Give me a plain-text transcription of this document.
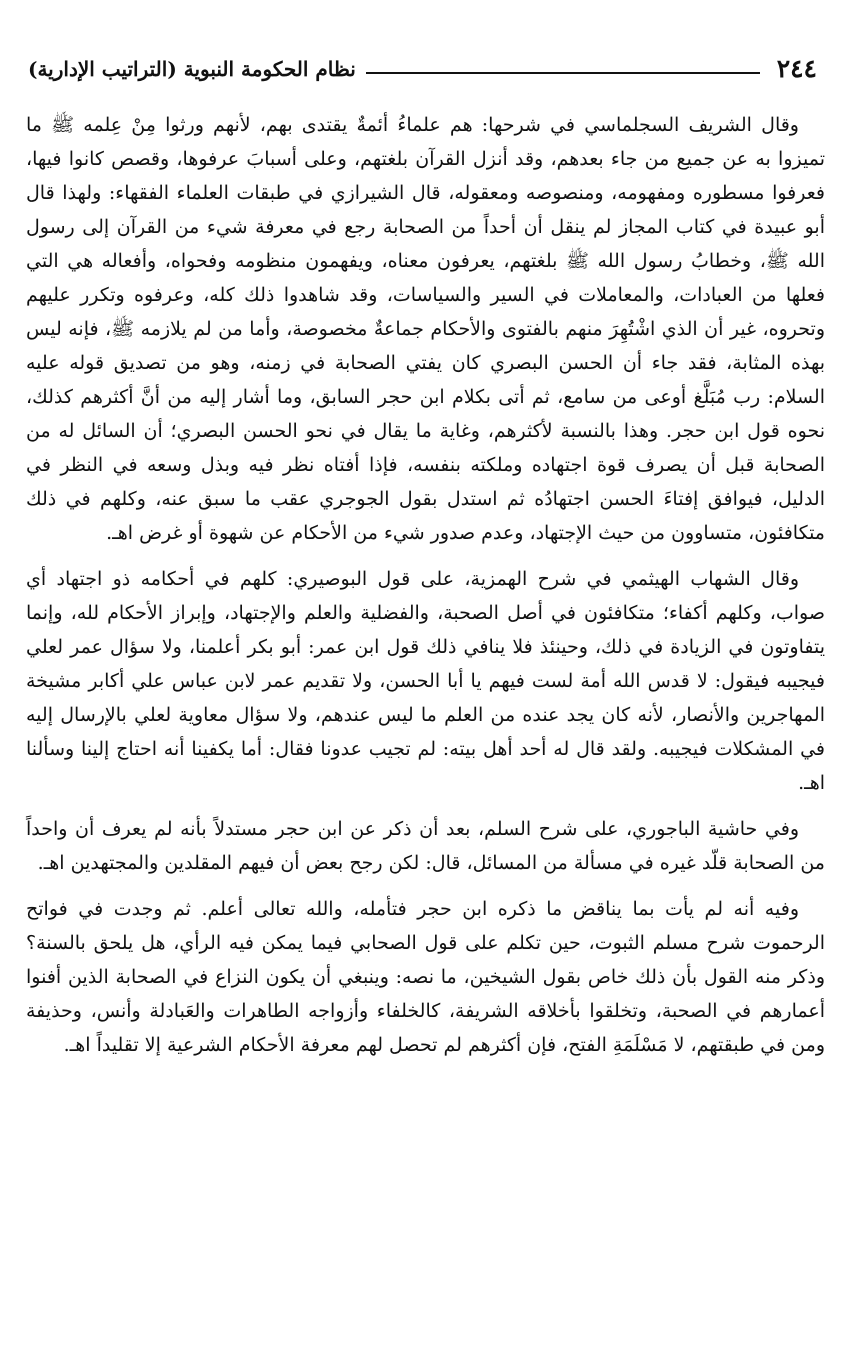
٢٤٤
نظام الحكومة النبوية (التراتيب الإدارية)

وقال الشريف السجلماسي في شرحها: هم علماءُ أئمةٌ يقتدى بهم، لأنهم ورثوا مِنْ عِلمه ﷺ ما تميزوا به عن جميع من جاء بعدهم، وقد أنزل القرآن بلغتهم، وعلى أسبابَ عرفوها، وقصص كانوا فيها، فعرفوا مسطوره ومفهومه، ومنصوصه ومعقوله، قال الشيرازي في طبقات العلماء الفقهاء: ولهذا قال أبو عبيدة في كتاب المجاز لم ينقل أن أحداً من الصحابة رجع في معرفة شيء من القرآن إلى رسول الله ﷺ، وخطابُ رسول الله ﷺ بلغتهم، يعرفون معناه، ويفهمون منظومه وفحواه، وأفعاله هي التي فعلها من العبادات، والمعاملات في السير والسياسات، وقد شاهدوا ذلك كله، وعرفوه وتكرر عليهم وتحروه، غير أن الذي اشْتُهِرَ منهم بالفتوى والأحكام جماعةٌ مخصوصة، وأما من لم يلازمه ﷺ، فإنه ليس بهذه المثابة، فقد جاء أن الحسن البصري كان يفتي الصحابة في زمنه، وهو من تصديق قوله عليه السلام: رب مُبَلَّغ أوعى من سامع، ثم أتى بكلام ابن حجر السابق، وما أشار إليه من أنَّ أكثرهم كذلك، نحوه قول ابن حجر. وهذا بالنسبة لأكثرهم، وغاية ما يقال في نحو الحسن البصري؛ أن السائل له من الصحابة قبل أن يصرف قوة اجتهاده وملكته بنفسه، فإذا أفتاه نظر فيه وبذل وسعه في النظر في الدليل، فيوافق إفتاءَ الحسن اجتهادُه ثم استدل بقول الجوجري عقب ما سبق عنه، وكلهم في ذلك متكافئون، متساوون من حيث الإجتهاد، وعدم صدور شيء من الأحكام عن شهوة أو غرض اهـ.

وقال الشهاب الهيثمي في شرح الهمزية، على قول البوصيري: كلهم في أحكامه ذو اجتهاد أي صواب، وكلهم أكفاء؛ متكافئون في أصل الصحبة، والفضلية والعلم والإجتهاد، وإبراز الأحكام لله، وإنما يتفاوتون في الزيادة في ذلك، وحينئذ فلا ينافي ذلك قول ابن عمر: أبو بكر أعلمنا، ولا سؤال عمر لعلي فيجيبه فيقول: لا قدس الله أمة لست فيهم يا أبا الحسن، ولا تقديم عمر لابن عباس علي أكابر مشيخة المهاجرين والأنصار، لأنه كان يجد عنده من العلم ما ليس عندهم، ولا سؤال معاوية لعلي بالإرسال إليه في المشكلات فيجيبه. ولقد قال له أحد أهل بيته: لم تجيب عدونا فقال: أما يكفينا أنه احتاج إلينا وسألنا اهـ.

وفي حاشية الباجوري، على شرح السلم، بعد أن ذكر عن ابن حجر مستدلاً بأنه لم يعرف أن واحداً من الصحابة قلّد غيره في مسألة من المسائل، قال: لكن رجح بعض أن فيهم المقلدين والمجتهدين اهـ.

وفيه أنه لم يأت بما يناقض ما ذكره ابن حجر فتأمله، والله تعالى أعلم. ثم وجدت في فواتح الرحموت شرح مسلم الثبوت، حين تكلم على قول الصحابي فيما يمكن فيه الرأي، هل يلحق بالسنة؟ وذكر منه القول بأن ذلك خاص بقول الشيخين، ما نصه: وينبغي أن يكون النزاع في الصحابة الذين أفنوا أعمارهم في الصحبة، وتخلقوا بأخلاقه الشريفة، كالخلفاء وأزواجه الطاهرات والعَبادلة وأنس، وحذيفة ومن في طبقتهم، لا مَسْلَمَةِ الفتح، فإن أكثرهم لم تحصل لهم معرفة الأحكام الشرعية إلا تقليداً اهـ.
